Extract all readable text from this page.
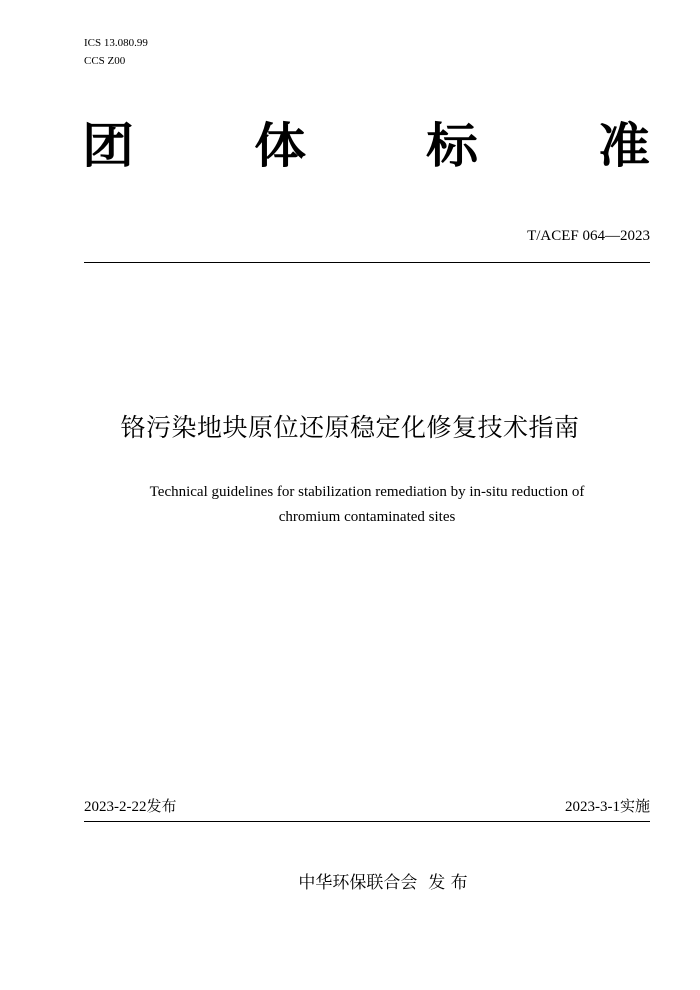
ICS 13.080.99
CCS Z00
团	体	标	准
T/ACEF 064—2023
铬污染地块原位还原稳定化修复技术指南
Technical guidelines for stabilization remediation by in-situ reduction of
chromium contaminated sites
2023-2-22发布	2023-3-1实施
中华环保联合会  发 布
